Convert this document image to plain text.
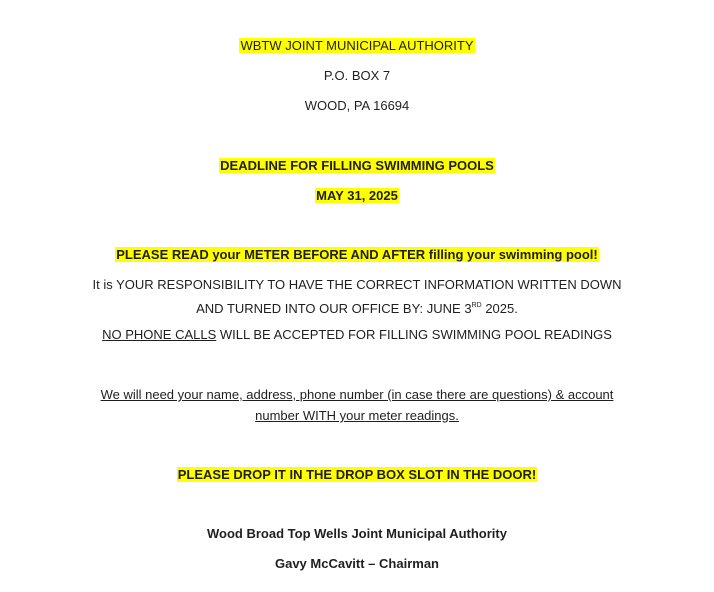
WBTW JOINT MUNICIPAL AUTHORITY
P.O. BOX 7
WOOD, PA 16694
DEADLINE FOR FILLING SWIMMING POOLS
MAY 31, 2025
PLEASE READ your METER BEFORE AND AFTER filling your swimming pool!
It is YOUR RESPONSIBILITY TO HAVE THE CORRECT INFORMATION WRITTEN DOWN AND TURNED INTO OUR OFFICE BY: JUNE 3RD 2025.
NO PHONE CALLS WILL BE ACCEPTED FOR FILLING SWIMMING POOL READINGS
We will need your name, address, phone number (in case there are questions) & account number WITH your meter readings.
PLEASE DROP IT IN THE DROP BOX SLOT IN THE DOOR!
Wood Broad Top Wells Joint Municipal Authority
Gavy McCavitt – Chairman
